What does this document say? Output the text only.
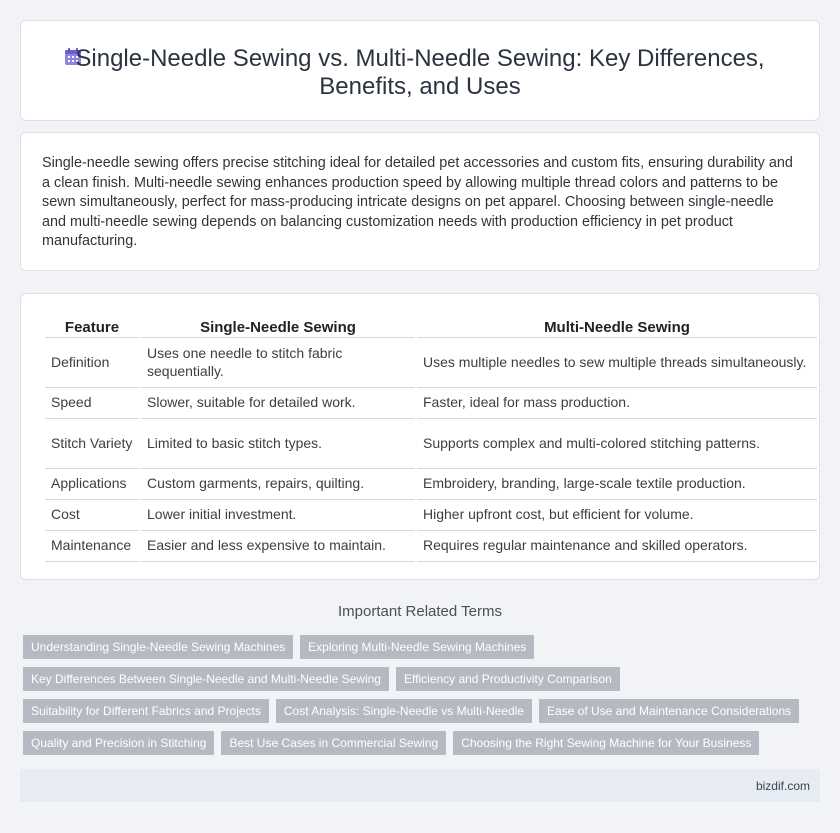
Single-Needle Sewing vs. Multi-Needle Sewing: Key Differences, Benefits, and Uses

Single-needle sewing offers precise stitching ideal for detailed pet accessories and custom fits, ensuring durability and a clean finish. Multi-needle sewing enhances production speed by allowing multiple thread colors and patterns to be sewn simultaneously, perfect for mass-producing intricate designs on pet apparel. Choosing between single-needle and multi-needle sewing depends on balancing customization needs with production efficiency in pet product manufacturing.

Feature	Single-Needle Sewing	Multi-Needle Sewing
Definition	Uses one needle to stitch fabric sequentially.	Uses multiple needles to sew multiple threads simultaneously.
Speed	Slower, suitable for detailed work.	Faster, ideal for mass production.
Stitch Variety	Limited to basic stitch types.	Supports complex and multi-colored stitching patterns.
Applications	Custom garments, repairs, quilting.	Embroidery, branding, large-scale textile production.
Cost	Lower initial investment.	Higher upfront cost, but efficient for volume.
Maintenance	Easier and less expensive to maintain.	Requires regular maintenance and skilled operators.
Important Related Terms
Understanding Single-Needle Sewing Machines	Exploring Multi-Needle Sewing Machines
Key Differences Between Single-Needle and Multi-Needle Sewing	Efficiency and Productivity Comparison
Suitability for Different Fabrics and Projects	Cost Analysis: Single-Needle vs Multi-Needle	Ease of Use and Maintenance Considerations
Quality and Precision in Stitching	Best Use Cases in Commercial Sewing	Choosing the Right Sewing Machine for Your Business
bizdif.com
